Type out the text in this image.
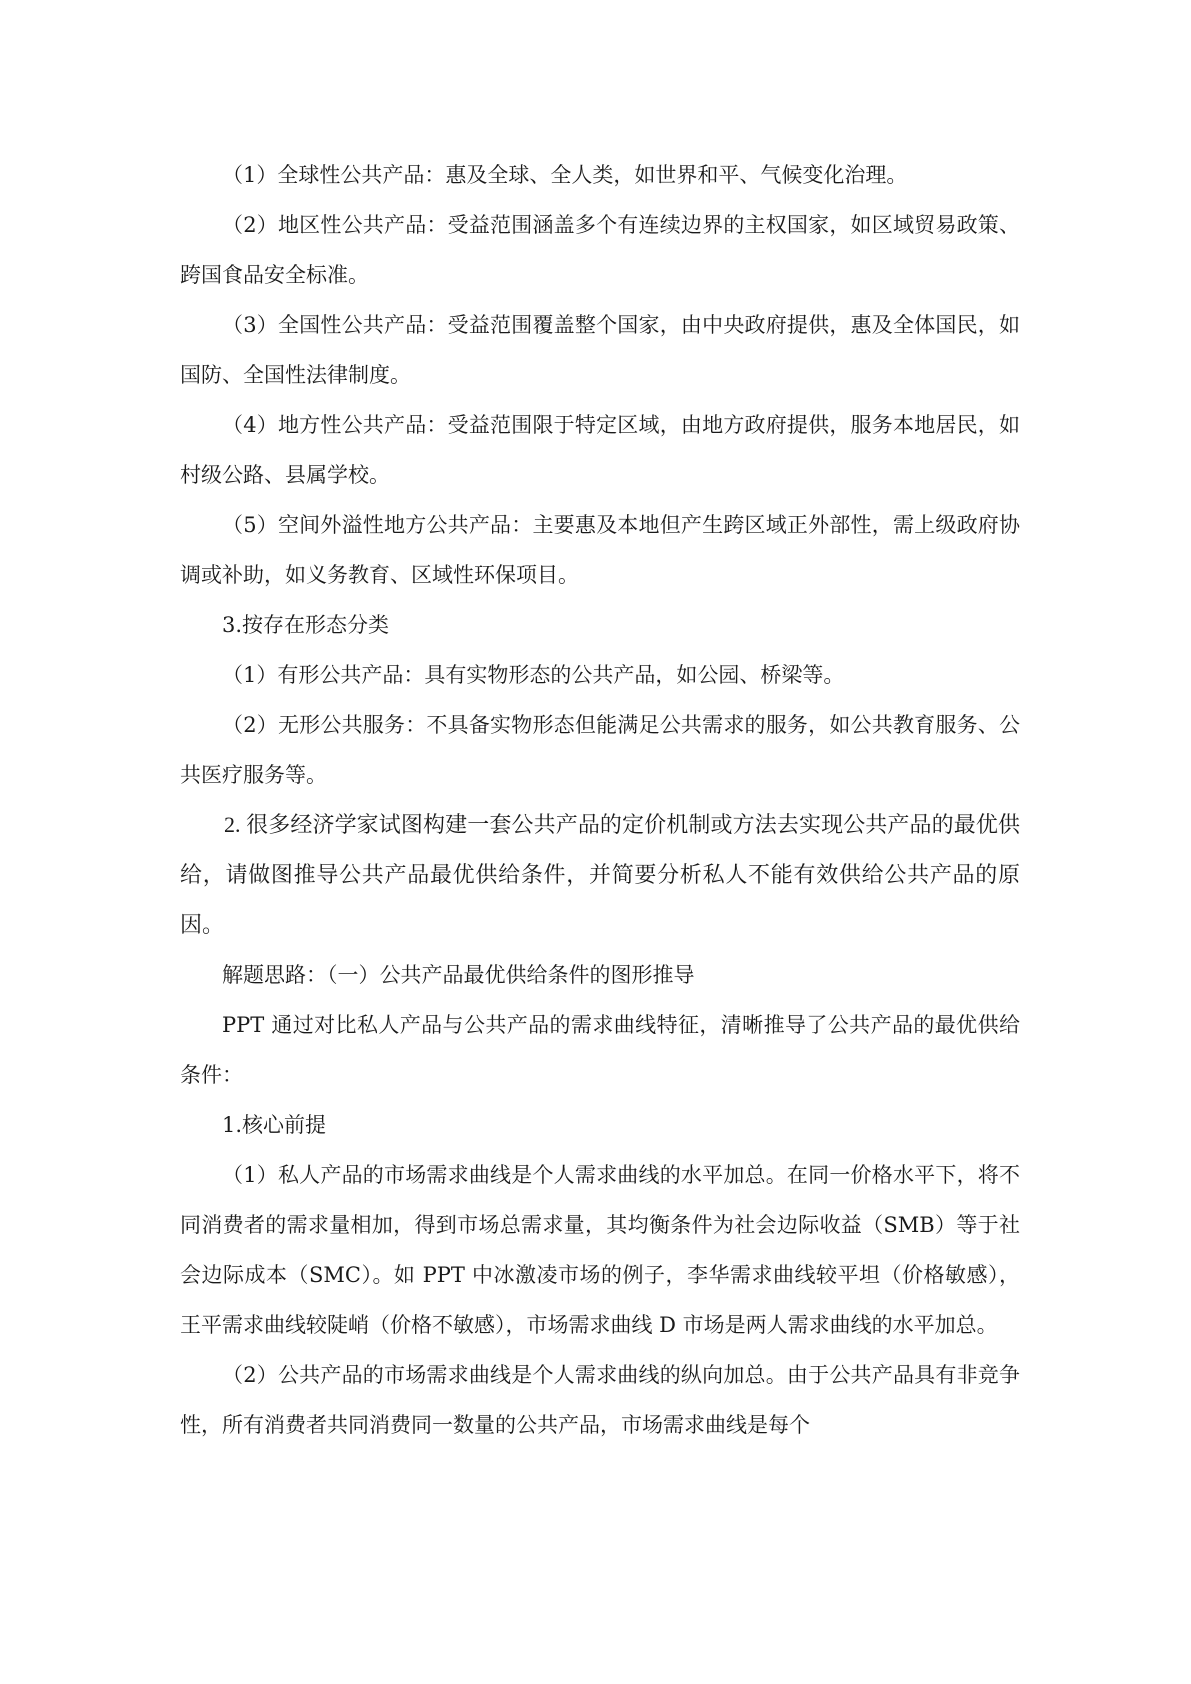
（1）全球性公共产品：惠及全球、全人类，如世界和平、气候变化治理。

（2）地区性公共产品：受益范围涵盖多个有连续边界的主权国家，如区域贸易政策、跨国食品安全标准。

（3）全国性公共产品：受益范围覆盖整个国家，由中央政府提供，惠及全体国民，如国防、全国性法律制度。

（4）地方性公共产品：受益范围限于特定区域，由地方政府提供，服务本地居民，如村级公路、县属学校。

（5）空间外溢性地方公共产品：主要惠及本地但产生跨区域正外部性，需上级政府协调或补助，如义务教育、区域性环保项目。

3.按存在形态分类

（1）有形公共产品：具有实物形态的公共产品，如公园、桥梁等。

（2）无形公共服务：不具备实物形态但能满足公共需求的服务，如公共教育服务、公共医疗服务等。

2. 很多经济学家试图构建一套公共产品的定价机制或方法去实现公共产品的最优供给，请做图推导公共产品最优供给条件，并简要分析私人不能有效供给公共产品的原因。

解题思路：（一）公共产品最优供给条件的图形推导

PPT 通过对比私人产品与公共产品的需求曲线特征，清晰推导了公共产品的最优供给条件：

1.核心前提

（1）私人产品的市场需求曲线是个人需求曲线的水平加总。在同一价格水平下，将不同消费者的需求量相加，得到市场总需求量，其均衡条件为社会边际收益（SMB）等于社会边际成本（SMC）。如 PPT 中冰激凌市场的例子，李华需求曲线较平坦（价格敏感），王平需求曲线较陡峭（价格不敏感），市场需求曲线 D 市场是两人需求曲线的水平加总。

（2）公共产品的市场需求曲线是个人需求曲线的纵向加总。由于公共产品具有非竞争性，所有消费者共同消费同一数量的公共产品，市场需求曲线是每个
